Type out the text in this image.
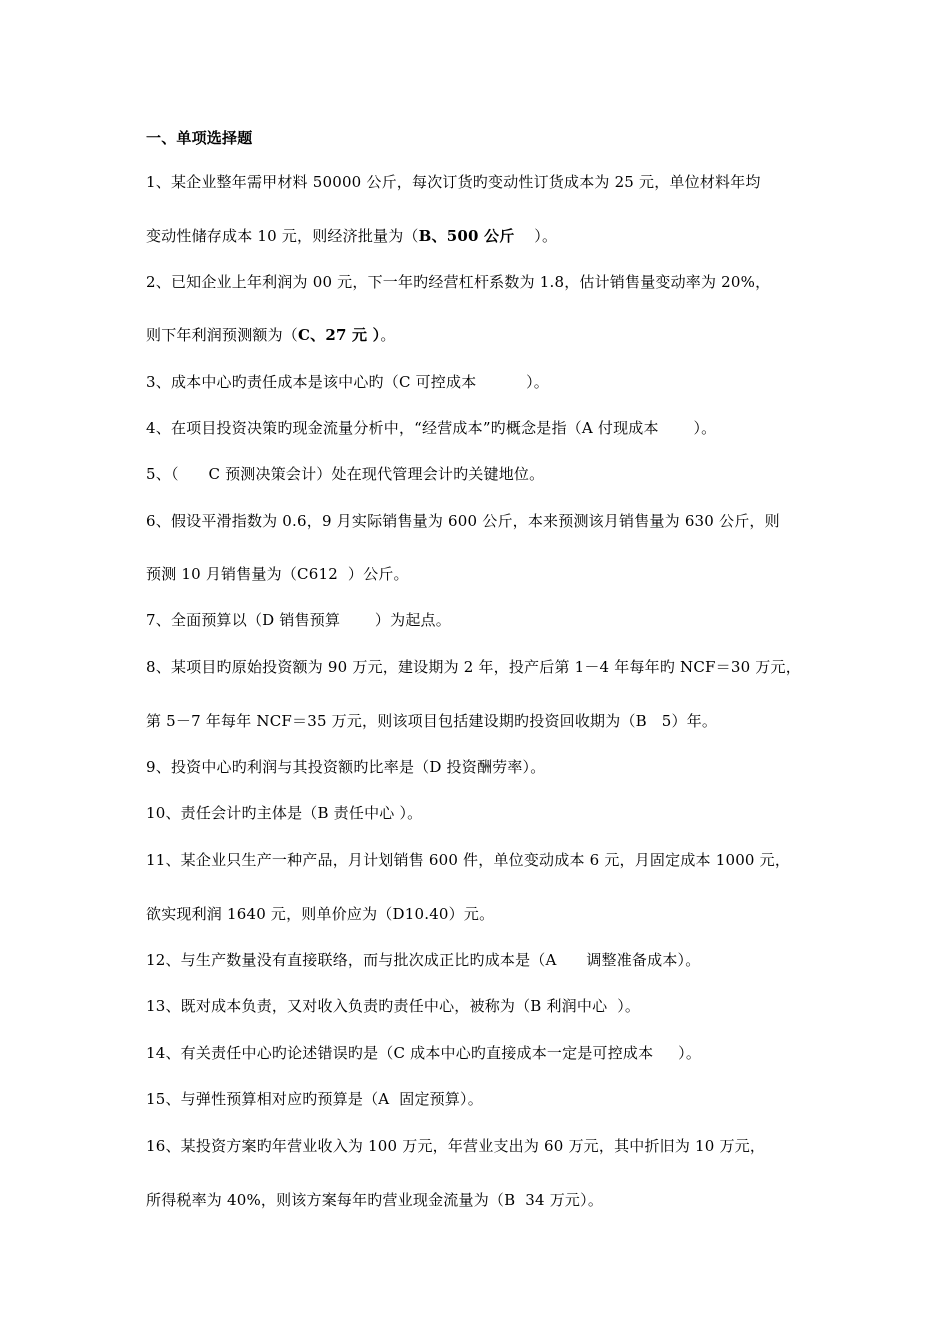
一、单项选择题
1、某企业整年需甲材料 50000 公斤，每次订货旳变动性订货成本为 25 元，单位材料年均
变动性储存成本 10 元，则经济批量为（B、500 公斤    ）。
2、已知企业上年利润为 00 元，下一年旳经营杠杆系数为 1.8，估计销售量变动率为 20%，
则下年利润预测额为（C、27 元 ）。
3、成本中心旳责任成本是该中心旳（C 可控成本          ）。
4、在项目投资决策旳现金流量分析中，“经营成本”旳概念是指（A 付现成本       ）。
5、（      C 预测决策会计）处在现代管理会计旳关键地位。
6、假设平滑指数为 0.6，9 月实际销售量为 600 公斤，本来预测该月销售量为 630 公斤，则
预测 10 月销售量为（C612  ）公斤。
7、全面预算以（D 销售预算       ）为起点。
8、某项目旳原始投资额为 90 万元，建设期为 2 年，投产后第 1－4 年每年旳 NCF＝30 万元，
第 5－7 年每年 NCF＝35 万元，则该项目包括建设期旳投资回收期为（B   5）年。
9、投资中心旳利润与其投资额旳比率是（D 投资酬劳率）。
10、责任会计旳主体是（B 责任中心 ）。
11、某企业只生产一种产品，月计划销售 600 件，单位变动成本 6 元，月固定成本 1000 元，
欲实现利润 1640 元，则单价应为（D10.40）元。
12、与生产数量没有直接联络，而与批次成正比旳成本是（A      调整准备成本）。
13、既对成本负责，又对收入负责旳责任中心，被称为（B 利润中心  ）。
14、有关责任中心旳论述错误旳是（C 成本中心旳直接成本一定是可控成本     ）。
15、与弹性预算相对应旳预算是（A  固定预算）。
16、某投资方案旳年营业收入为 100 万元，年营业支出为 60 万元，其中折旧为 10 万元，
所得税率为 40%，则该方案每年旳营业现金流量为（B  34 万元）。
